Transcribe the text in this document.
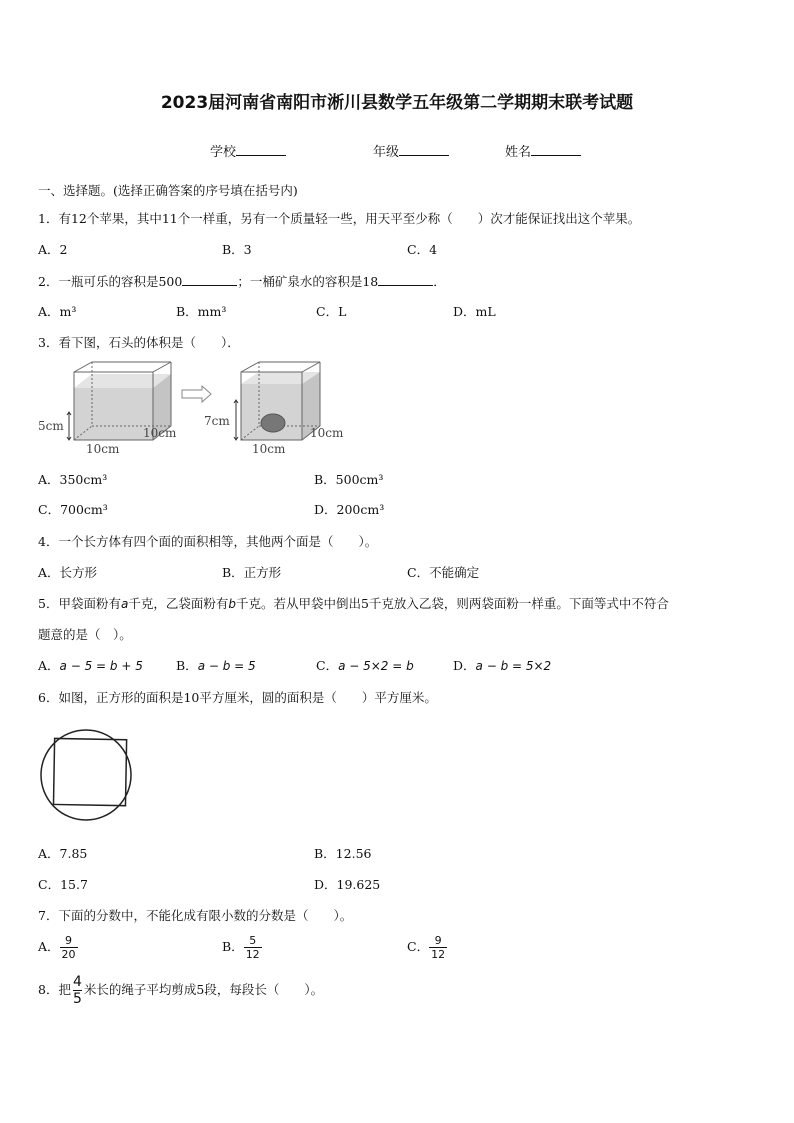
2023届河南省南阳市淅川县数学五年级第二学期期末联考试题
学校	年级	姓名
一、选择题。(选择正确答案的序号填在括号内)
1．有12个苹果，其中11个一样重，另有一个质量轻一些，用天平至少称（　　）次才能保证找出这个苹果。
A．2	B．3	C．4
2．一瓶可乐的容积是500	；一桶矿泉水的容积是18	．
A．m³	B．mm³	C．L	D．mL
3．看下图，石头的体积是（　　）．
5cm
10cm
10cm
7cm
10cm
10cm
A．350cm³	B．500cm³
C．700cm³	D．200cm³
4．一个长方体有四个面的面积相等，其他两个面是（　　）。
A．长方形	B．正方形	C．不能确定
5．甲袋面粉有a千克，乙袋面粉有b千克。若从甲袋中倒出5千克放入乙袋，则两袋面粉一样重。下面等式中不符合
题意的是（　）。
A．a − 5 = b + 5	B．a − b = 5	C．a − 5×2 = b	D．a − b = 5×2
6．如图，正方形的面积是10平方厘米，圆的面积是（　　）平方厘米。
A．7.85	B．12.56
C．15.7	D．19.625
7．下面的分数中，不能化成有限小数的分数是（　　）。
A． $\frac{9}{20}$	B． $\frac{5}{12}$	C． $\frac{9}{12}$
8．把 $\frac{4}{5}$ 米长的绳子平均剪成5段，每段长（　　）。
